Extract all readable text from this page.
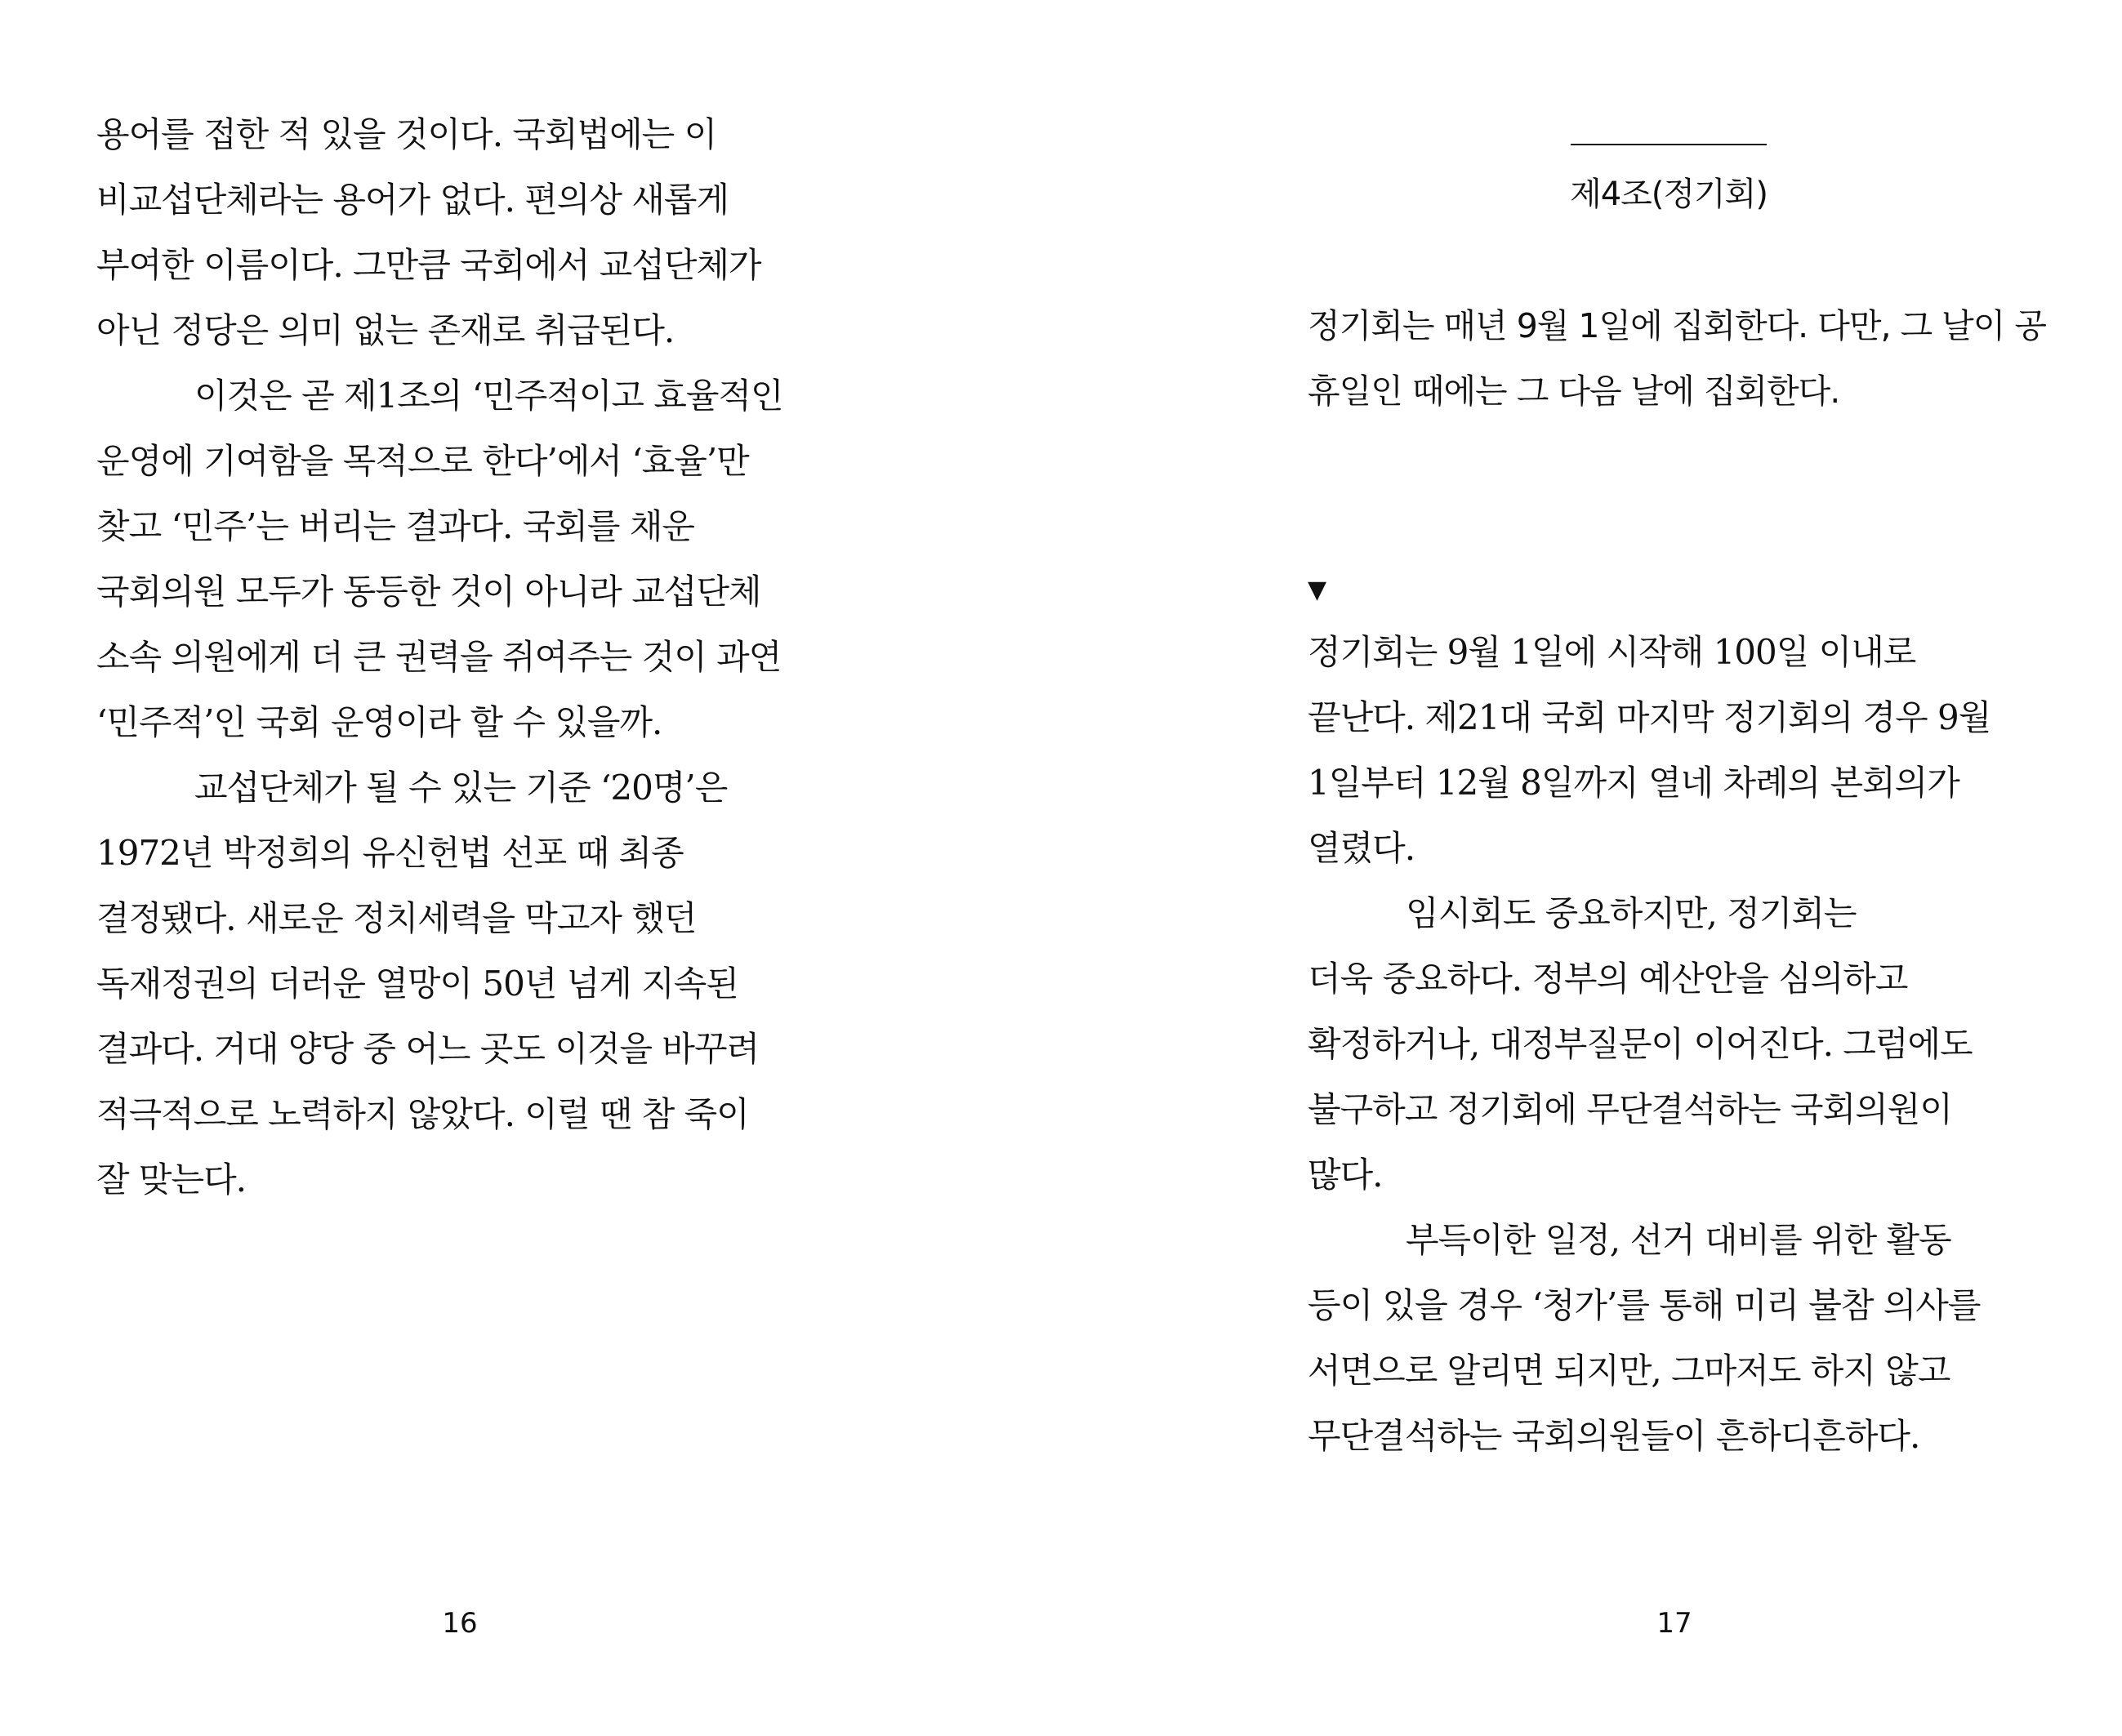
용어를 접한 적 있을 것이다. 국회법에는 이
비교섭단체라는 용어가 없다. 편의상 새롭게
부여한 이름이다. 그만큼 국회에서 교섭단체가
아닌 정당은 의미 없는 존재로 취급된다.
이것은 곧 제1조의 ‘민주적이고 효율적인
운영에 기여함을 목적으로 한다’에서 ‘효율’만
찾고 ‘민주’는 버리는 결과다. 국회를 채운
국회의원 모두가 동등한 것이 아니라 교섭단체
소속 의원에게 더 큰 권력을 쥐여주는 것이 과연
‘민주적’인 국회 운영이라 할 수 있을까.
교섭단체가 될 수 있는 기준 ‘20명’은
1972년 박정희의 유신헌법 선포 때 최종
결정됐다. 새로운 정치세력을 막고자 했던
독재정권의 더러운 열망이 50년 넘게 지속된
결과다. 거대 양당 중 어느 곳도 이것을 바꾸려
적극적으로 노력하지 않았다. 이럴 땐 참 죽이
잘 맞는다.
16
제4조(정기회)
정기회는 매년 9월 1일에 집회한다. 다만, 그 날이 공
휴일인 때에는 그 다음 날에 집회한다.
▼
정기회는 9월 1일에 시작해 100일 이내로
끝난다. 제21대 국회 마지막 정기회의 경우 9월
1일부터 12월 8일까지 열네 차례의 본회의가
열렸다.
임시회도 중요하지만, 정기회는
더욱 중요하다. 정부의 예산안을 심의하고
확정하거나, 대정부질문이 이어진다. 그럼에도
불구하고 정기회에 무단결석하는 국회의원이
많다.
부득이한 일정, 선거 대비를 위한 활동
등이 있을 경우 ‘청가’를 통해 미리 불참 의사를
서면으로 알리면 되지만, 그마저도 하지 않고
무단결석하는 국회의원들이 흔하디흔하다.
17
